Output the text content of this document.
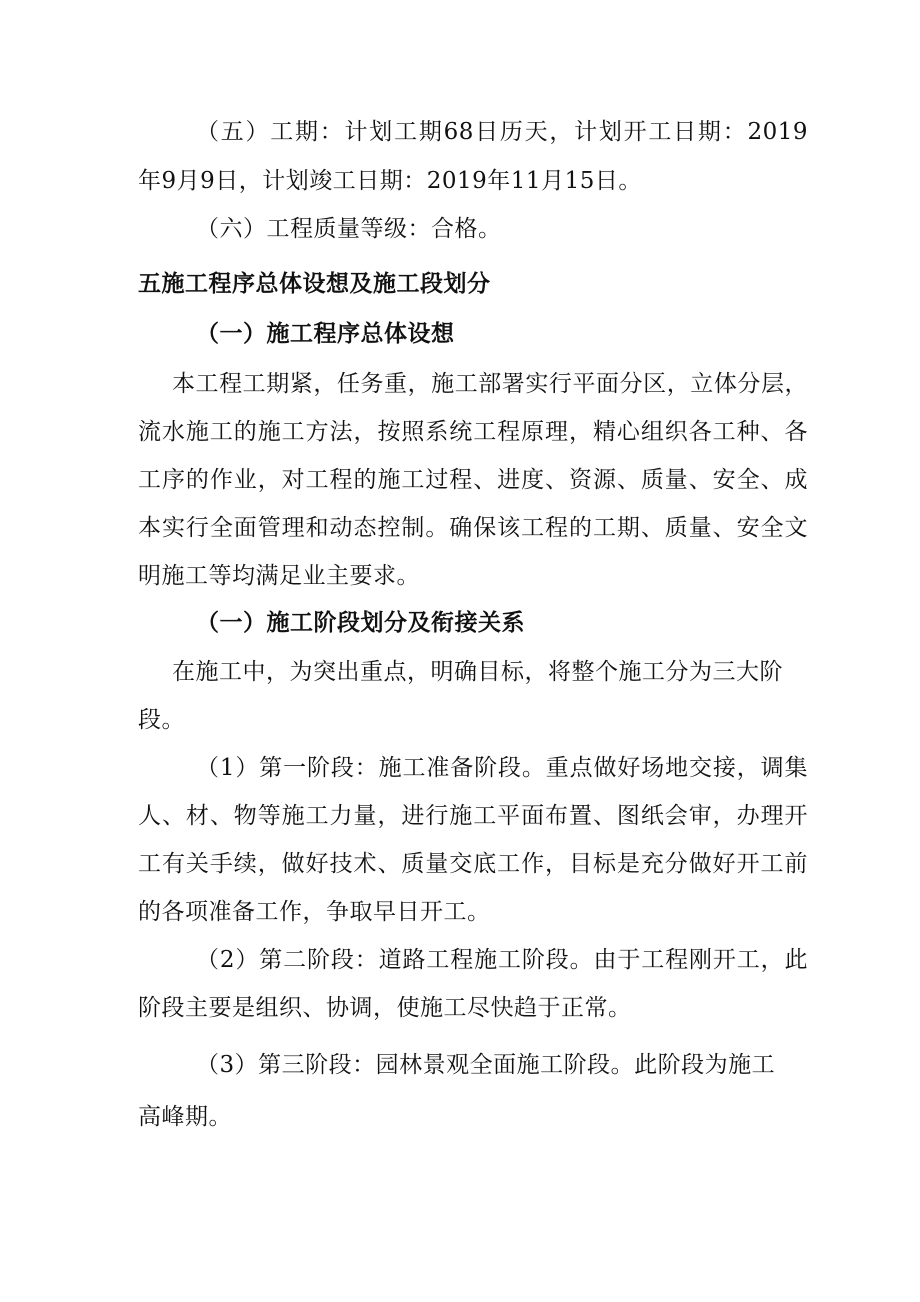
（五）工期：计划工期68日历天，计划开工日期：2019
年9月9日，计划竣工日期：2019年11月15日。
（六）工程质量等级：合格。
五施工程序总体设想及施工段划分
（一）施工程序总体设想
本工程工期紧，任务重，施工部署实行平面分区，立体分层，
流水施工的施工方法，按照系统工程原理，精心组织各工种、各
工序的作业，对工程的施工过程、进度、资源、质量、安全、成
本实行全面管理和动态控制。确保该工程的工期、质量、安全文
明施工等均满足业主要求。
（一）施工阶段划分及衔接关系
在施工中，为突出重点，明确目标，将整个施工分为三大阶
段。
（1）第一阶段：施工准备阶段。重点做好场地交接，调集
人、材、物等施工力量，进行施工平面布置、图纸会审，办理开
工有关手续，做好技术、质量交底工作，目标是充分做好开工前
的各项准备工作，争取早日开工。
（2）第二阶段：道路工程施工阶段。由于工程刚开工，此
阶段主要是组织、协调，使施工尽快趋于正常。
（3）第三阶段：园林景观全面施工阶段。此阶段为施工
高峰期。
